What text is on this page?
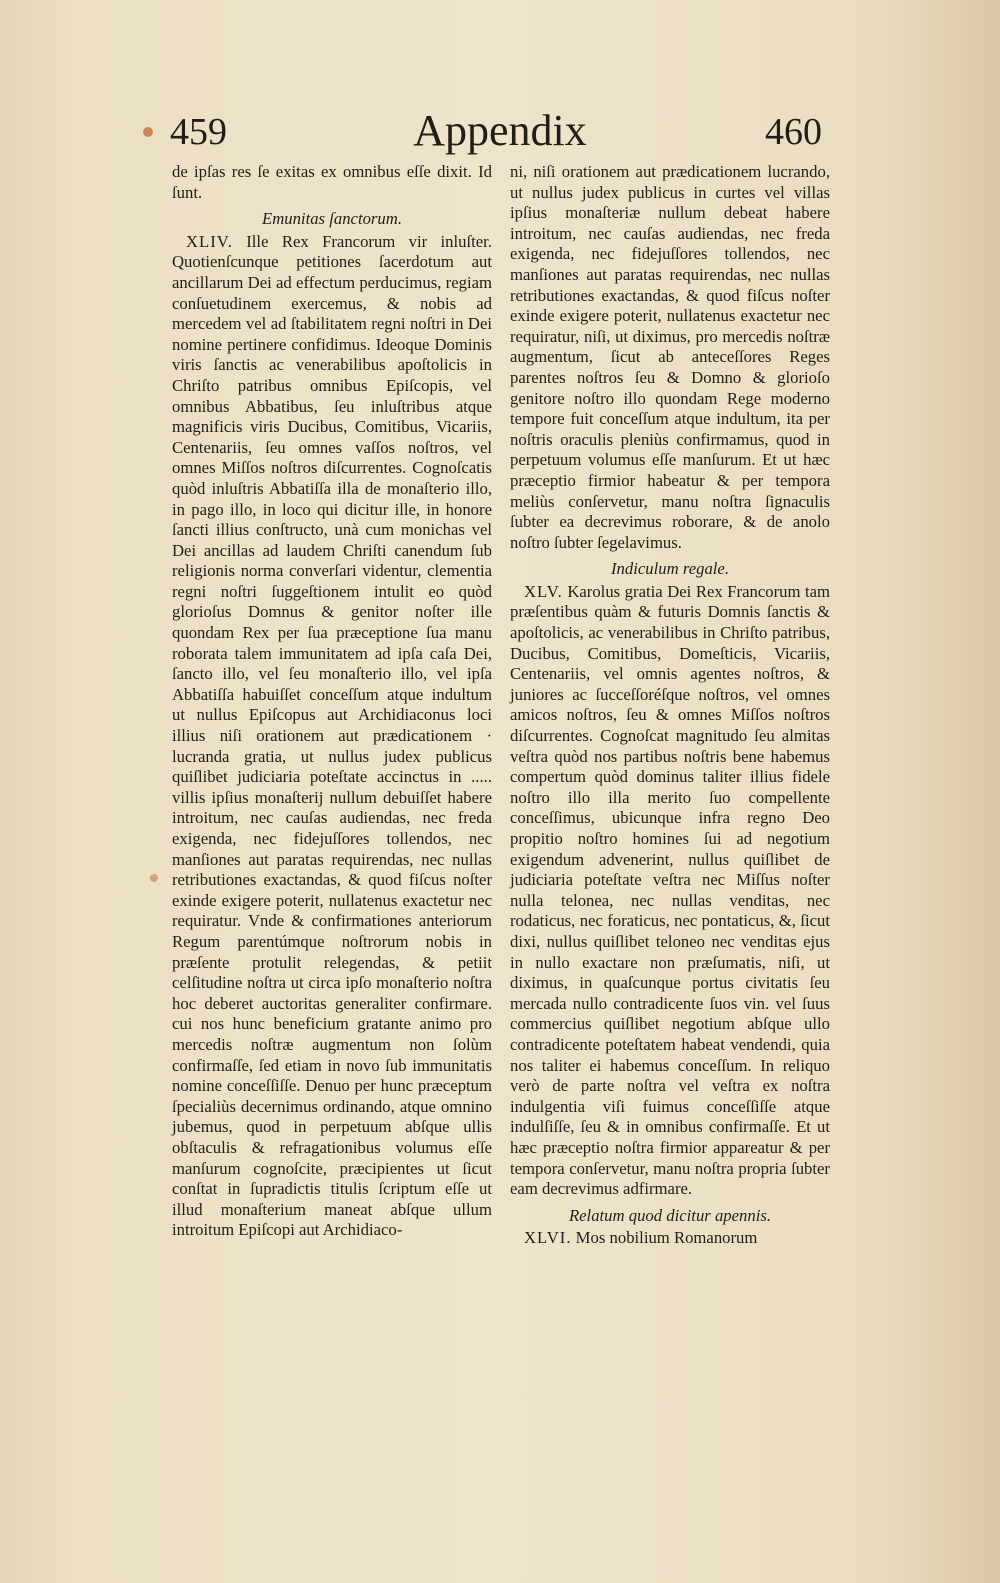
459	Appendix	460

de ipſas res ſe exitas ex omnibus eſſe dixit. Id ſunt.

Emunitas ſanctorum.

XLIV. Ille Rex Francorum vir inluſter. Quotienſcunque petitiones ſacerdotum aut ancillarum Dei ad effectum perducimus, regiam conſuetudinem exercemus, & nobis ad mercedem vel ad ſtabilitatem regni noſtri in Dei nomine pertinere confidimus. Ideoque Dominis viris ſanctis ac venerabilibus apoſtolicis in Chriſto patribus omnibus Epiſcopis, vel omnibus Abbatibus, ſeu inluſtribus atque magnificis viris Ducibus, Comitibus, Vicariis, Centenariis, ſeu omnes vaſſos noſtros, vel omnes Miſſos noſtros diſcurrentes. Cognoſcatis quòd inluſtris Abbatiſſa illa de monaſterio illo, in pago illo, in loco qui dicitur ille, in honore ſancti illius conſtructo, unà cum monichas vel Dei ancillas ad laudem Chriſti canendum ſub religionis norma converſari videntur, clementia regni noſtri ſuggeſtionem intulit eo quòd glorioſus Domnus & genitor noſter ille quondam Rex per ſua præceptione ſua manu roborata talem immunitatem ad ipſa caſa Dei, ſancto illo, vel ſeu monaſterio illo, vel ipſa Abbatiſſa habuiſſet conceſſum atque indultum ut nullus Epiſcopus aut Archidiaconus loci illius niſi orationem aut prædicationem · lucranda gratia, ut nullus judex publicus quiſlibet judiciaria poteſtate accinctus in ..... villis ipſius monaſterij nullum debuiſſet habere introitum, nec cauſas audiendas, nec freda exigenda, nec fidejuſſores tollendos, nec manſiones aut paratas requirendas, nec nullas retributiones exactandas, & quod fiſcus noſter exinde exigere poterit, nullatenus exactetur nec requiratur. Vnde & confirmationes anteriorum Regum parentúmque noſtrorum nobis in præſente protulit relegendas, & petiit celſitudine noſtra ut circa ipſo monaſterio noſtra hoc deberet auctoritas generaliter confirmare. cui nos hunc beneficium gratante animo pro mercedis noſtræ augmentum non ſolùm confirmaſſe, ſed etiam in novo ſub immunitatis nomine conceſſiſſe. Denuo per hunc præceptum ſpecialiùs decernimus ordinando, atque omnino jubemus, quod in perpetuum abſque ullis obſtaculis & refragationibus volumus eſſe manſurum cognoſcite, præcipientes ut ſicut conſtat in ſupradictis titulis ſcriptum eſſe ut illud monaſterium maneat abſque ullum introitum Epiſcopi aut Archidiaco-

ni, niſi orationem aut prædicationem lucrando, ut nullus judex publicus in curtes vel villas ipſius monaſteriæ nullum debeat habere introitum, nec cauſas audiendas, nec freda exigenda, nec fidejuſſores tollendos, nec manſiones aut paratas requirendas, nec nullas retributiones exactandas, & quod fiſcus noſter exinde exigere poterit, nullatenus exactetur nec requiratur, niſi, ut diximus, pro mercedis noſtræ augmentum, ſicut ab anteceſſores Reges parentes noſtros ſeu & Domno & glorioſo genitore noſtro illo quondam Rege moderno tempore fuit conceſſum atque indultum, ita per noſtris oraculis pleniùs confirmamus, quod in perpetuum volumus eſſe manſurum. Et ut hæc præceptio firmior habeatur & per tempora meliùs conſervetur, manu noſtra ſignaculis ſubter ea decrevimus roborare, & de anolo noſtro ſubter ſegelavimus.

Indiculum regale.

XLV. Karolus gratia Dei Rex Francorum tam præſentibus quàm & futuris Domnis ſanctis & apoſtolicis, ac venerabilibus in Chriſto patribus, Ducibus, Comitibus, Domeſticis, Vicariis, Centenariis, vel omnis agentes noſtros, & juniores ac ſucceſſoréſque noſtros, vel omnes amicos noſtros, ſeu & omnes Miſſos noſtros diſcurrentes. Cognoſcat magnitudo ſeu almitas veſtra quòd nos partibus noſtris bene habemus compertum quòd dominus taliter illius fidele noſtro illo illa merito ſuo compellente conceſſimus, ubicunque infra regno Deo propitio noſtro homines ſui ad negotium exigendum advenerint, nullus quiſlibet de judiciaria poteſtate veſtra nec Miſſus noſter nulla telonea, nec nullas venditas, nec rodaticus, nec foraticus, nec pontaticus, &, ſicut dixi, nullus quiſlibet teloneo nec venditas ejus in nullo exactare non præſumatis, niſi, ut diximus, in quaſcunque portus civitatis ſeu mercada nullo contradicente ſuos vin. vel ſuus commercius quiſlibet negotium abſque ullo contradicente poteſtatem habeat vendendi, quia nos taliter ei habemus conceſſum. In reliquo verò de parte noſtra vel veſtra ex noſtra indulgentia viſi fuimus conceſſiſſe atque indulſiſſe, ſeu & in omnibus confirmaſſe. Et ut hæc præceptio noſtra firmior appareatur & per tempora conſervetur, manu noſtra propria ſubter eam decrevimus adfirmare.

Relatum quod dicitur apennis.

XLVI. Mos nobilium Romanorum
